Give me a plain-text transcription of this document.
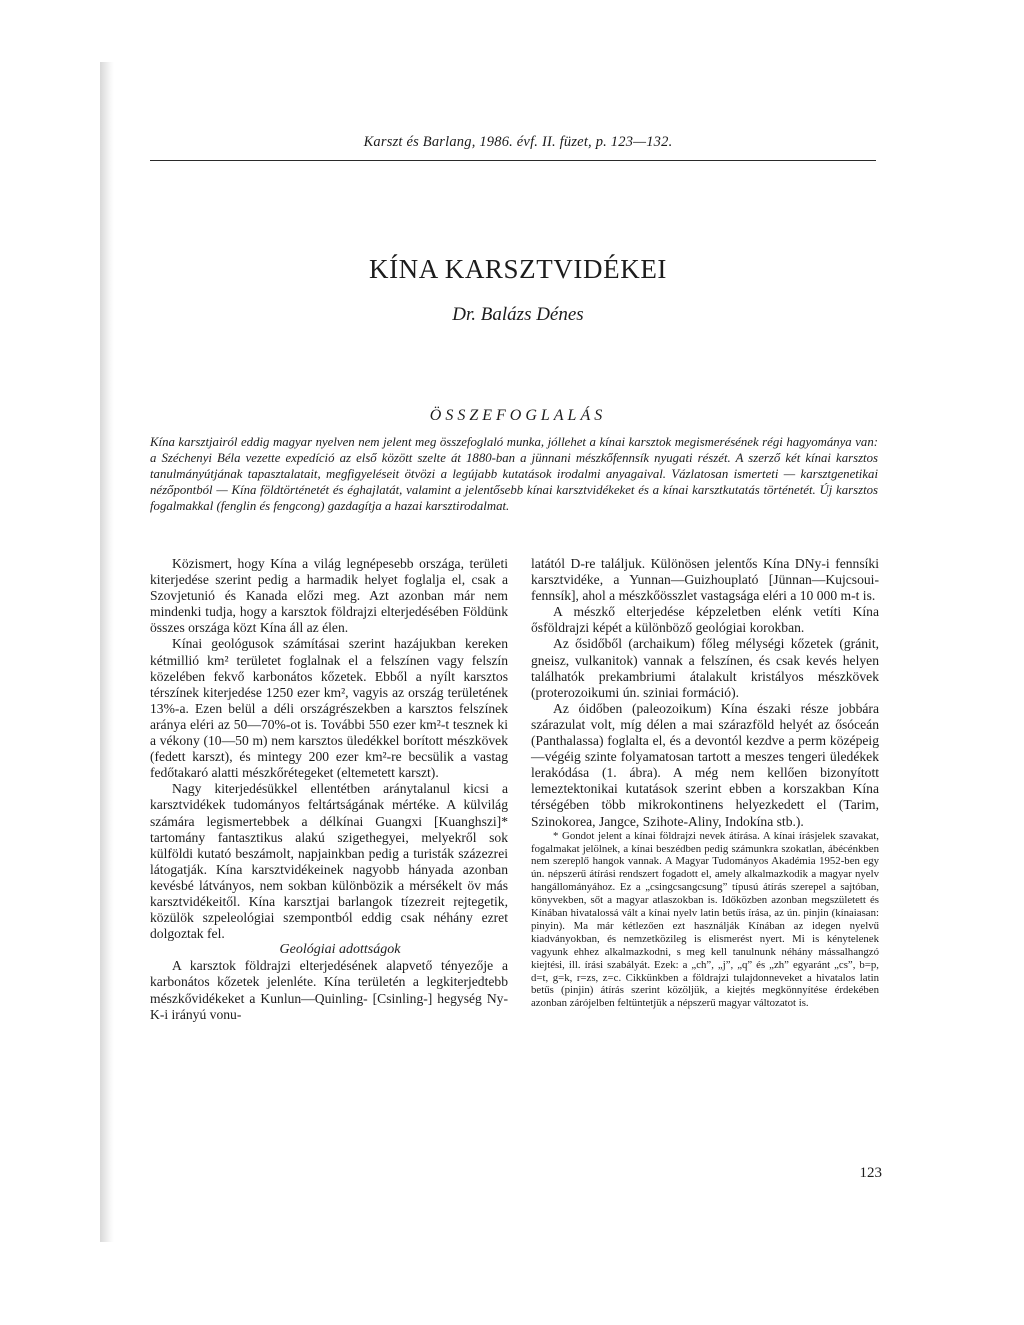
Karszt és Barlang, 1986. évf. II. füzet, p. 123—132.
KÍNA KARSZTVIDÉKEI
Dr. Balázs Dénes
ÖSSZEFOGLALÁS

Kína karsztjairól eddig magyar nyelven nem jelent meg összefoglaló munka, jóllehet a kínai karsztok megismerésének régi hagyománya van: a Széchenyi Béla vezette expedíció az első között szelte át 1880-ban a jünnani mészkőfennsík nyugati részét. A szerző két kínai karsztos tanulmányútjának tapasztalatait, megfigyeléseit ötvözi a legújabb kutatások irodalmi anyagaival. Vázlatosan ismerteti — karsztgenetikai nézőpontból — Kína földtörténetét és éghajlatát, valamint a jelentősebb kínai karsztvidékeket és a kínai karsztkutatás történetét. Új karsztos fogalmakkal (fenglin és fengcong) gazdagítja a hazai karsztirodalmat.

Közismert, hogy Kína a világ legnépesebb országa, területi kiterjedése szerint pedig a harmadik helyet foglalja el, csak a Szovjetunió és Kanada előzi meg. Azt azonban már nem mindenki tudja, hogy a karsztok földrajzi elterjedésében Földünk összes országa közt Kína áll az élen.

Kínai geológusok számításai szerint hazájukban kereken kétmillió km² területet foglalnak el a felszínen vagy felszín közelében fekvő karbonátos kőzetek. Ebből a nyílt karsztos térszínek kiterjedése 1250 ezer km², vagyis az ország területének 13%-a. Ezen belül a déli országrészekben a karsztos felszínek aránya eléri az 50—70%-ot is. További 550 ezer km²-t tesznek ki a vékony (10—50 m) nem karsztos üledékkel borított mészkövek (fedett karszt), és mintegy 200 ezer km²-re becsülik a vastag fedőtakaró alatti mészkőrétegeket (eltemetett karszt).

Nagy kiterjedésükkel ellentétben aránytalanul kicsi a karsztvidékek tudományos feltártságának mértéke. A külvilág számára legismertebbek a délkínai Guangxi [Kuanghszi]* tartomány fantasztikus alakú szigethegyei, melyekről sok külföldi kutató beszámolt, napjainkban pedig a turisták százezrei látogatják. Kína karsztvidékeinek nagyobb hányada azonban kevésbé látványos, nem sokban különbözik a mérsékelt öv más karsztvidékeitől. Kína karsztjai barlangok tízezreit rejtegetik, közülök szpeleológiai szempontból eddig csak néhány ezret dolgoztak fel.

Geológiai adottságok

A karsztok földrajzi elterjedésének alapvető tényezője a karbonátos kőzetek jelenléte. Kína területén a legkiterjedtebb mészkővidékeket a Kunlun—Quinling- [Csinling-] hegység Ny-K-i irányú vonu-

latától D-re találjuk. Különösen jelentős Kína DNy-i fennsíki karsztvidéke, a Yunnan—Guizhouplató [Jünnan—Kujcsoui-fennsík], ahol a mészkőösszlet vastagsága eléri a 10 000 m-t is.

A mészkő elterjedése képzeletben elénk vetíti Kína ősföldrajzi képét a különböző geológiai korokban.

Az ősidőből (archaikum) főleg mélységi kőzetek (gránit, gneisz, vulkanitok) vannak a felszínen, és csak kevés helyen találhatók prekambriumi átalakult kristályos mészkövek (proterozoikumi ún. sziniai formáció).

Az óidőben (paleozoikum) Kína északi része jobbára szárazulat volt, míg délen a mai szárazföld helyét az ősóceán (Panthalassa) foglalta el, és a devontól kezdve a perm középeig—végéig szinte folyamatosan tartott a meszes tengeri üledékek lerakódása (1. ábra). A még nem kellően bizonyított lemeztektonikai kutatások szerint ebben a korszakban Kína térségében több mikrokontinens helyezkedett el (Tarim, Szinokorea, Jangce, Szihote-Aliny, Indokína stb.).

* Gondot jelent a kínai földrajzi nevek átírása. A kínai írásjelek szavakat, fogalmakat jelölnek, a kínai beszédben pedig számunkra szokatlan, ábécénkben nem szereplő hangok vannak. A Magyar Tudományos Akadémia 1952-ben egy ún. népszerű átírási rendszert fogadott el, amely alkalmazkodik a magyar nyelv hangállományához. Ez a „csingcsangcsung” típusú átírás szerepel a sajtóban, könyvekben, sőt a magyar atlaszokban is. Időközben azonban megszületett és Kínában hivatalossá vált a kínai nyelv latin betűs írása, az ún. pinjin (kínaiasan: pinyin). Ma már kétlezően ezt használják Kínában az idegen nyelvű kiadványokban, és nemzetközileg is elismerést nyert. Mi is kénytelenek vagyunk ehhez alkalmazkodni, s meg kell tanulnunk néhány mássalhangzó kiejtési, ill. írási szabályát. Ezek: a „ch”, „j”, „q” és „zh” egyaránt „cs”, b=p, d=t, g=k, r=zs, z=c. Cikkünkben a földrajzi tulajdonneveket a hivatalos latin betűs (pinjin) átírás szerint közöljük, a kiejtés megkönnyítése érdekében azonban zárójelben feltüntetjük a népszerű magyar változatot is.

123
